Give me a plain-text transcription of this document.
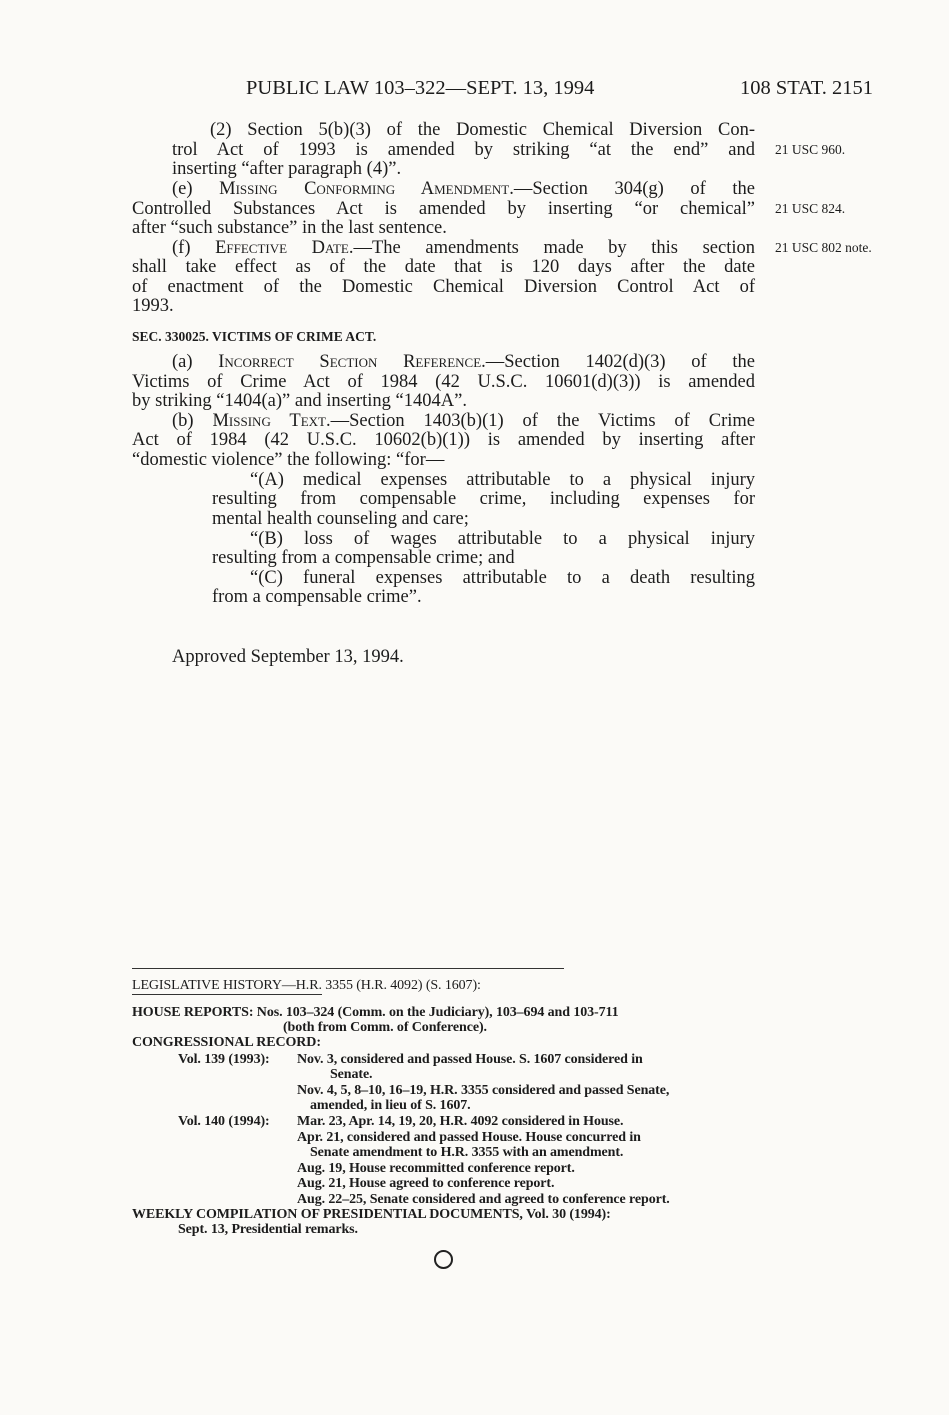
PUBLIC LAW 103–322—SEPT. 13, 1994	108 STAT. 2151
21 USC 960.
21 USC 824.
21 USC 802 note.
(2) Section 5(b)(3) of the Domestic Chemical Diversion Con-
trol Act of 1993 is amended by striking “at the end” and
inserting “after paragraph (4)”.
(e) Missing Conforming Amendment.—Section 304(g) of the
Controlled Substances Act is amended by inserting “or chemical”
after “such substance” in the last sentence.
(f) Effective Date.—The amendments made by this section
shall take effect as of the date that is 120 days after the date
of enactment of the Domestic Chemical Diversion Control Act of
1993.
SEC. 330025. VICTIMS OF CRIME ACT.
(a) Incorrect Section Reference.—Section 1402(d)(3) of the
Victims of Crime Act of 1984 (42 U.S.C. 10601(d)(3)) is amended
by striking “1404(a)” and inserting “1404A”.
(b) Missing Text.—Section 1403(b)(1) of the Victims of Crime
Act of 1984 (42 U.S.C. 10602(b)(1)) is amended by inserting after
“domestic violence” the following: “for—
“(A) medical expenses attributable to a physical injury
resulting from compensable crime, including expenses for
mental health counseling and care;
“(B) loss of wages attributable to a physical injury
resulting from a compensable crime; and
“(C) funeral expenses attributable to a death resulting
from a compensable crime”.
Approved September 13, 1994.
LEGISLATIVE HISTORY—H.R. 3355 (H.R. 4092) (S. 1607):
HOUSE REPORTS: Nos. 103–324 (Comm. on the Judiciary), 103–694 and 103-711
(both from Comm. of Conference).
CONGRESSIONAL RECORD:
Vol. 139 (1993): Nov. 3, considered and passed House. S. 1607 considered in
Senate.
Nov. 4, 5, 8–10, 16–19, H.R. 3355 considered and passed Senate,
amended, in lieu of S. 1607.
Vol. 140 (1994): Mar. 23, Apr. 14, 19, 20, H.R. 4092 considered in House.
Apr. 21, considered and passed House. House concurred in
Senate amendment to H.R. 3355 with an amendment.
Aug. 19, House recommitted conference report.
Aug. 21, House agreed to conference report.
Aug. 22–25, Senate considered and agreed to conference report.
WEEKLY COMPILATION OF PRESIDENTIAL DOCUMENTS, Vol. 30 (1994):
Sept. 13, Presidential remarks.
